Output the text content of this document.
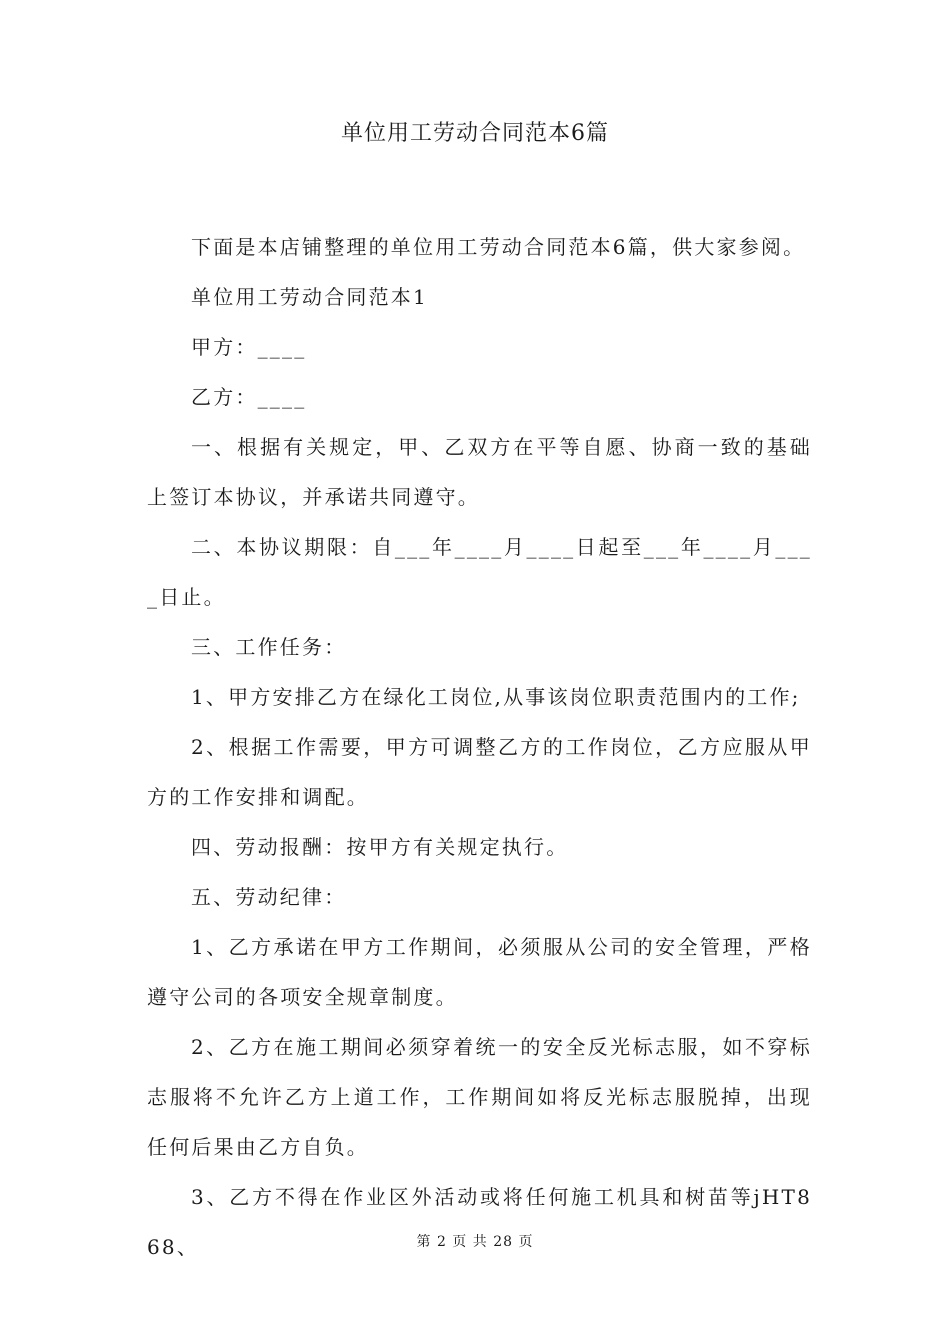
单位用工劳动合同范本6篇

下面是本店铺整理的单位用工劳动合同范本6篇，供大家参阅。

单位用工劳动合同范本1

甲方：____

乙方：____

一、根据有关规定，甲、乙双方在平等自愿、协商一致的基础上签订本协议，并承诺共同遵守。

二、本协议期限：自___年____月____日起至___年____月____日止。

三、工作任务：

1、甲方安排乙方在绿化工岗位,从事该岗位职责范围内的工作;

2、根据工作需要，甲方可调整乙方的工作岗位，乙方应服从甲方的工作安排和调配。

四、劳动报酬：按甲方有关规定执行。

五、劳动纪律：

1、乙方承诺在甲方工作期间，必须服从公司的安全管理，严格遵守公司的各项安全规章制度。

2、乙方在施工期间必须穿着统一的安全反光标志服，如不穿标志服将不允许乙方上道工作，工作期间如将反光标志服脱掉，出现任何后果由乙方自负。

3、乙方不得在作业区外活动或将任何施工机具和树苗等jHT868、	第 2 页 共 28 页
